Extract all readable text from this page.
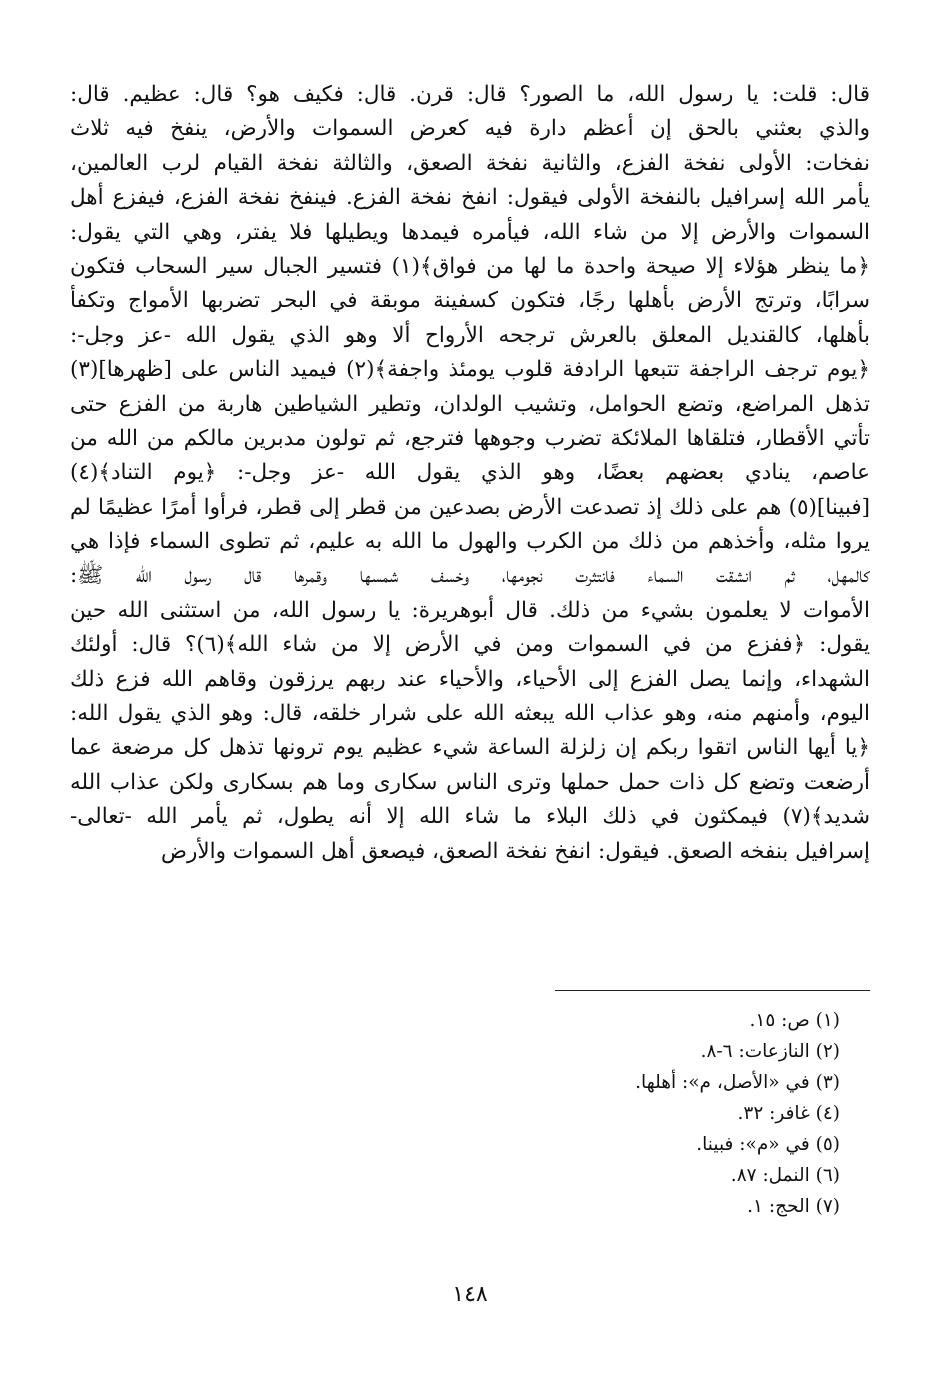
قال: قلت: يا رسول الله، ما الصور؟ قال: قرن. قال: فكيف هو؟ قال: عظيم. قال:
والذي بعثني بالحق إن أعظم دارة فيه كعرض السموات والأرض، ينفخ فيه ثلاث
نفخات: الأولى نفخة الفزع، والثانية نفخة الصعق، والثالثة نفخة القيام لرب العالمين،
يأمر الله إسرافيل بالنفخة الأولى فيقول: انفخ نفخة الفزع. فينفخ نفخة الفزع، فيفزع أهل
السموات والأرض إلا من شاء الله، فيأمره فيمدها ويطيلها فلا يفتر، وهي التي يقول:
﴿ما ينظر هؤلاء إلا صيحة واحدة ما لها من فواق﴾(١) فتسير الجبال سير السحاب فتكون
سرابًا، وترتج الأرض بأهلها رجًا، فتكون كسفينة موبقة في البحر تضربها الأمواج وتكفأ
بأهلها، كالقنديل المعلق بالعرش ترجحه الأرواح ألا وهو الذي يقول الله -عز وجل-:
﴿يوم ترجف الراجفة تتبعها الرادفة قلوب يومئذ واجفة﴾(٢) فيميد الناس على [ظهرها](٣)
تذهل المراضع، وتضع الحوامل، وتشيب الولدان، وتطير الشياطين هاربة من الفزع حتى
تأتي الأقطار، فتلقاها الملائكة تضرب وجوهها فترجع، ثم تولون مدبرين مالكم من الله من
عاصم، ينادي بعضهم بعضًا، وهو الذي يقول الله -عز وجل-: ﴿يوم التناد﴾(٤)
[فبينا](٥) هم على ذلك إذ تصدعت الأرض بصدعين من قطر إلى قطر، فرأوا أمرًا عظيمًا لم
يروا مثله، وأخذهم من ذلك من الكرب والهول ما الله به عليم، ثم تطوى السماء فإذا هي
كالمهل، ثم انشقت السماء فانتثرت نجومها، وخسف شمسها وقمرها قال رسول الله ﷺ:
الأموات لا يعلمون بشيء من ذلك. قال أبوهريرة: يا رسول الله، من استثنى الله حين
يقول: ﴿ففزع من في السموات ومن في الأرض إلا من شاء الله﴾(٦)؟ قال: أولئك
الشهداء، وإنما يصل الفزع إلى الأحياء، والأحياء عند ربهم يرزقون وقاهم الله فزع ذلك
اليوم، وأمنهم منه، وهو عذاب الله يبعثه الله على شرار خلقه، قال: وهو الذي يقول الله:
﴿يا أيها الناس اتقوا ربكم إن زلزلة الساعة شيء عظيم يوم ترونها تذهل كل مرضعة عما
أرضعت وتضع كل ذات حمل حملها وترى الناس سكارى وما هم بسكارى ولكن عذاب الله
شديد﴾(٧) فيمكثون في ذلك البلاء ما شاء الله إلا أنه يطول، ثم يأمر الله -تعالى-
إسرافيل بنفخه الصعق. فيقول: انفخ نفخة الصعق، فيصعق أهل السموات والأرض
(١) ص: ١٥.
(٢) النازعات: ٦-٨.
(٣) في «الأصل، م»: أهلها.
(٤) غافر: ٣٢.
(٥) في «م»: فبينا.
(٦) النمل: ٨٧.
(٧) الحج: ١.
١٤٨
